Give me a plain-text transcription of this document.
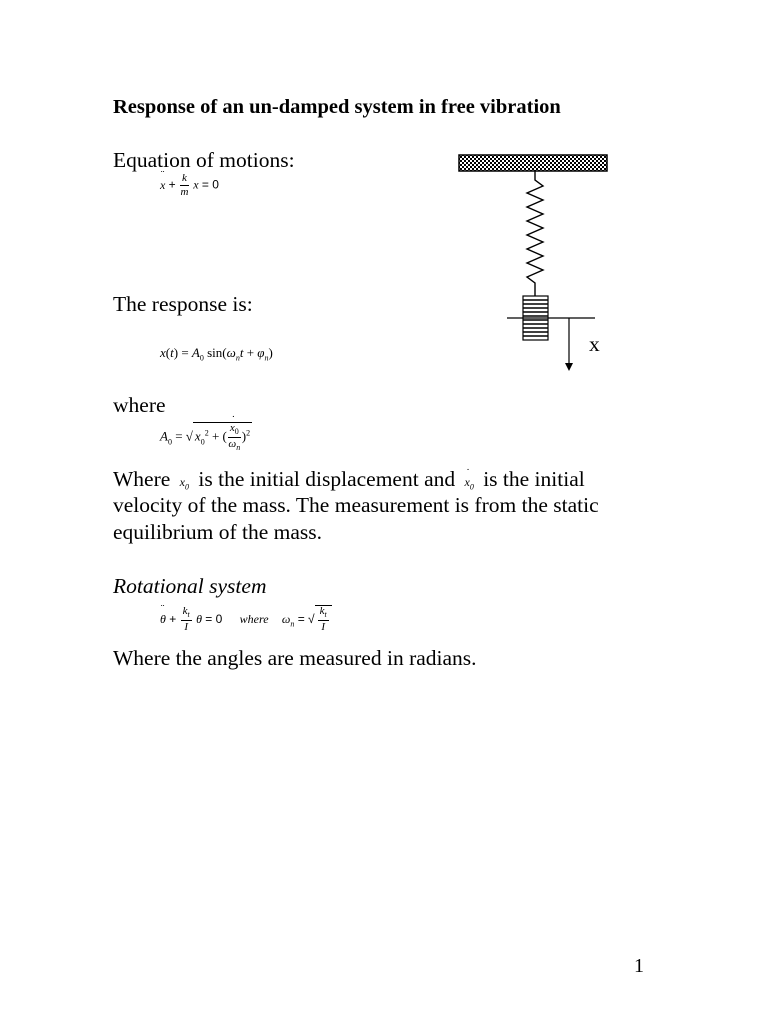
Response of an un-damped system in free vibration
Equation of motions:
¨ $x + \frac{k}{m}$ x = 0
The response is:
$x(t) = A_0$ $\sin(\omega_nt + \varphi_n)$
where
$A_0$ = √ $x_0^2$ + ( ˙ $\frac{x_0}{\omega_n} )^2$
Where $x_0$ is the initial displacement and ˙ $x_0$ is the initial
velocity of the mass. The measurement is from the static
equilibrium of the mass.
Rotational system
¨ $\theta + \frac{k_t}{I}$ θ = 0 where $\omega_n$ = √ $\frac{k_t}{I}$
Where the angles are measured in radians.
x
1
